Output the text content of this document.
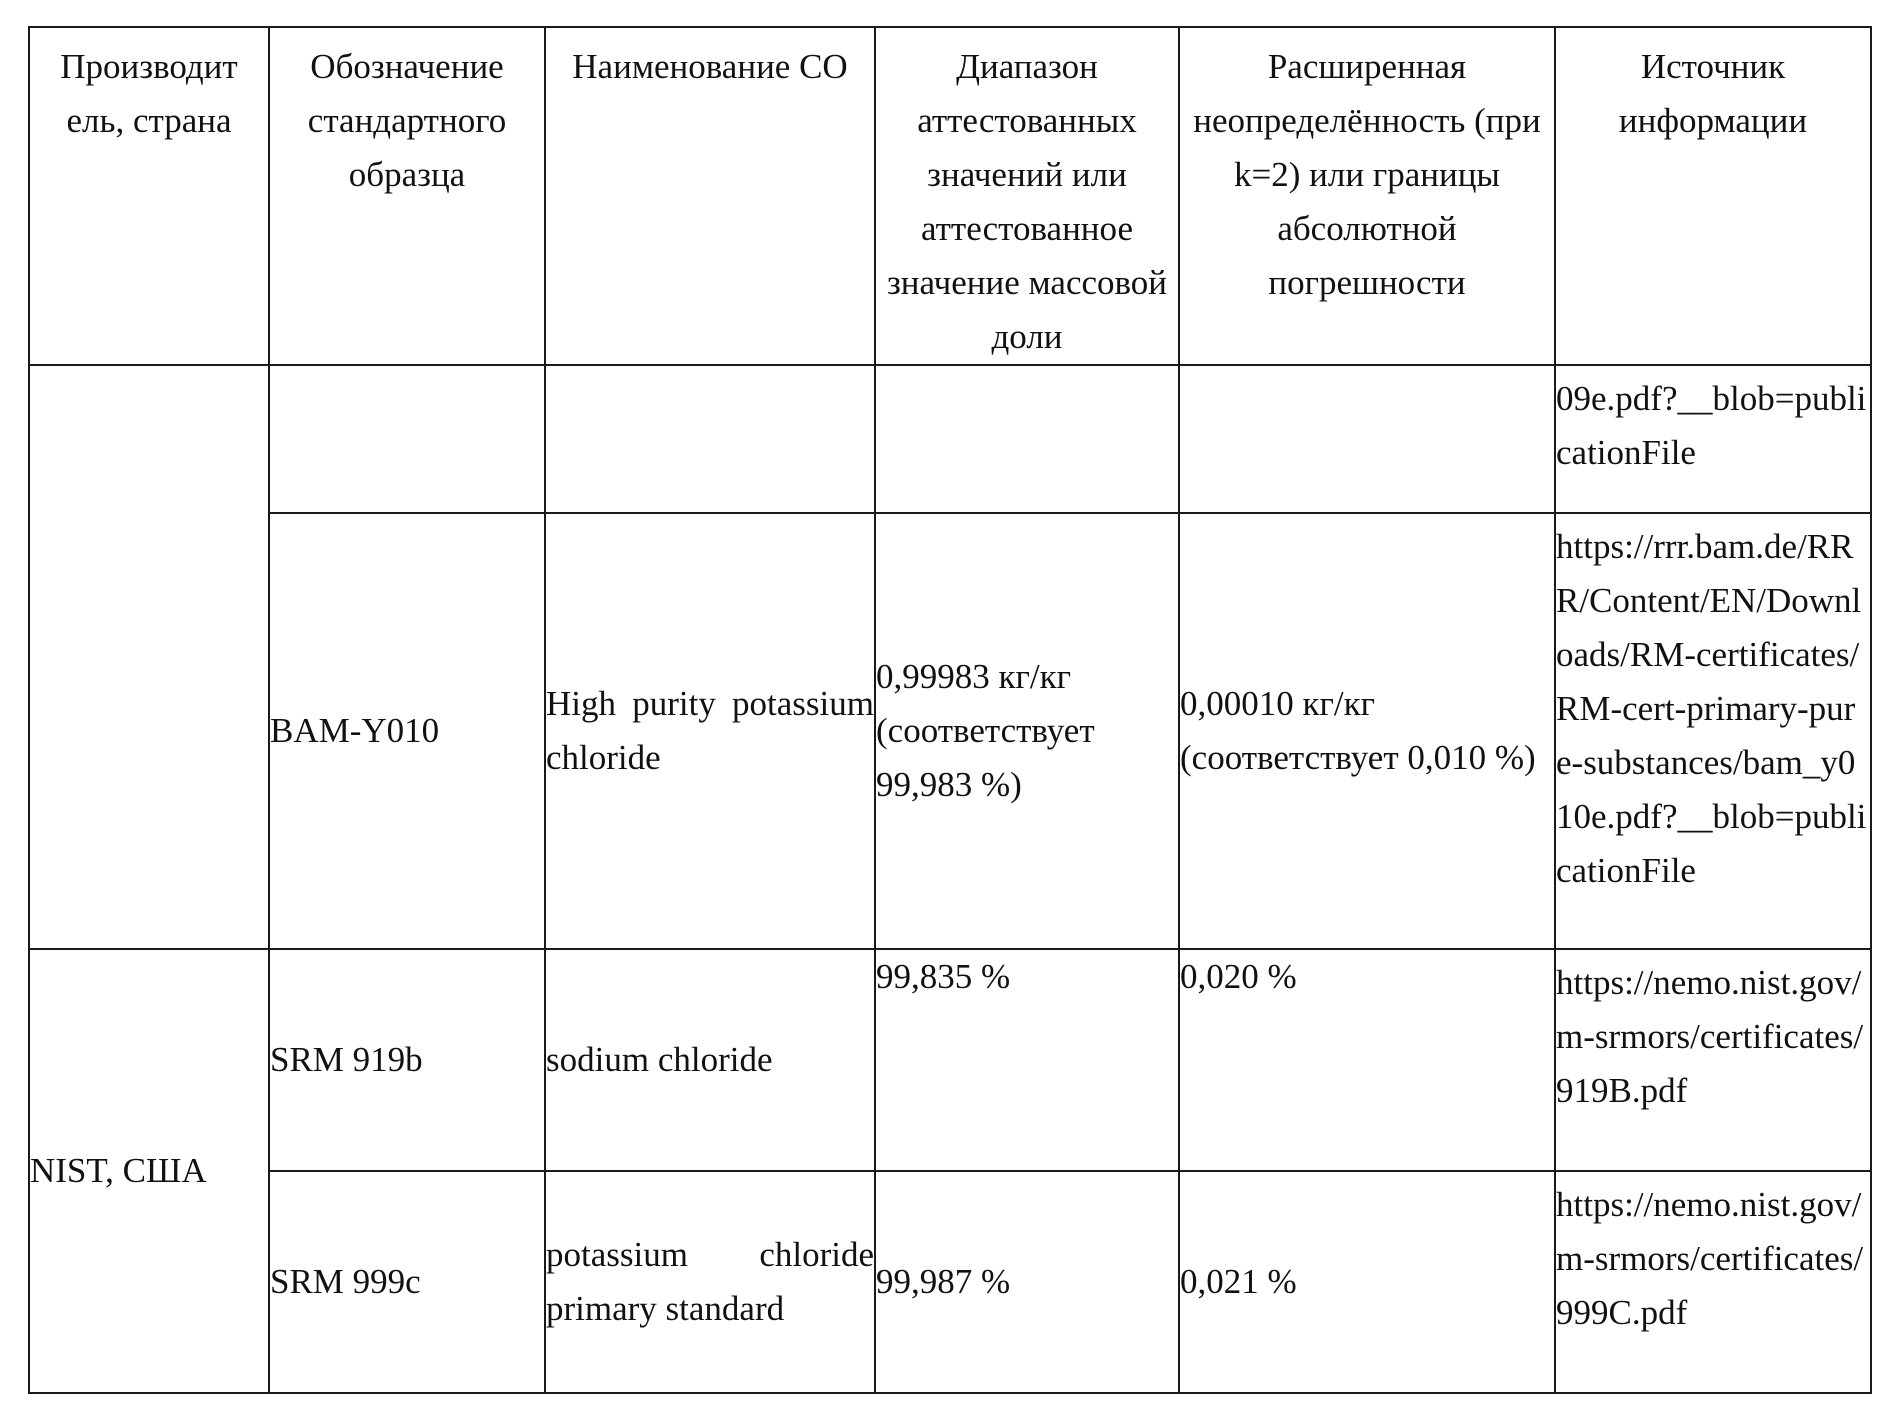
Производит ель, страна	Обозначение стандартного образца	Наименование СО	Диапазон аттестованных значений или аттестованное значение массовой доли	Расширенная неопределённость (при k=2) или границы абсолютной погрешности	Источник информации
					09e.pdf?__blob=publicationFile
	BAM-Y010	High purity potassium chloride	0,99983 кг/кг (соответствует 99,983 %)	0,00010 кг/кг (соответствует 0,010 %)	https://rrr.bam.de/RRR/Content/EN/Downloads/RM-certificates/RM-cert-primary-pure-substances/bam_y010e.pdf?__blob=publicationFile
NIST, США	SRM 919b	sodium chloride	99,835 %	0,020 %	https://nemo.nist.gov/m-srmors/certificates/919B.pdf
	SRM 999c	potassium chloride primary standard	99,987 %	0,021 %	https://nemo.nist.gov/m-srmors/certificates/999C.pdf
